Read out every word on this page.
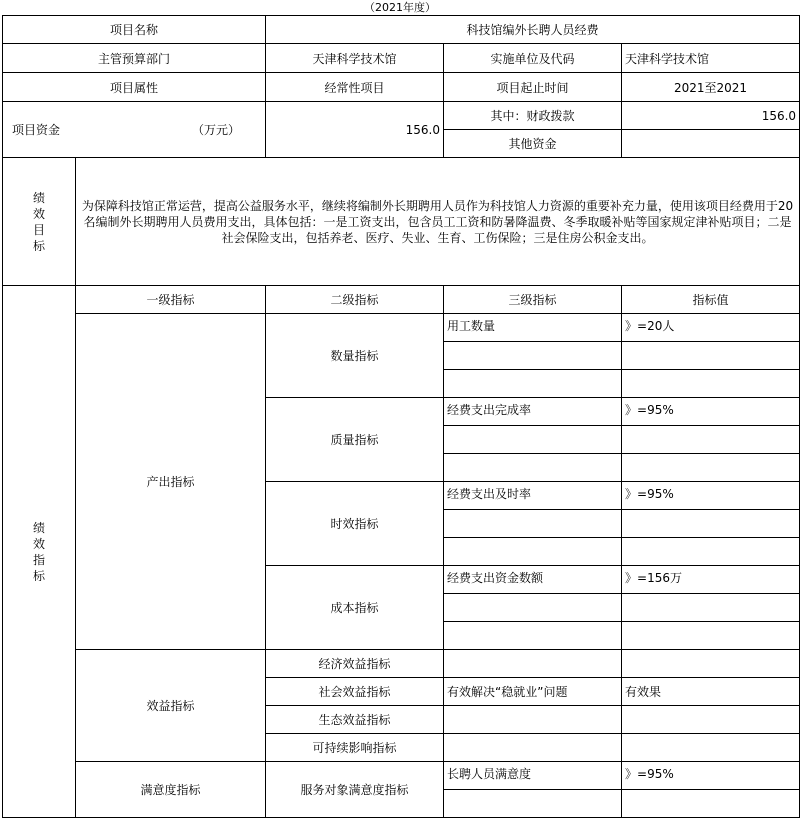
（2021年度）
项目名称		科技馆编外长聘人员经费		
主管预算部门		天津科学技术馆	实施单位及代码	天津科学技术馆
项目属性		经常性项目	项目起止时间	2021至2021

项目资金 （万元）		156.0	其中：财政拨款	156.0
			其他资金	
绩
效
目
标	为保障科技馆正常运营，提高公益服务水平，继续将编制外长期聘用人员作为科技馆人力资源的重要补充力量，使用该项目经费用于20名编制外长期聘用人员费用支出，具体包括：一是工资支出，包含员工工资和防暑降温费、冬季取暖补贴等国家规定津补贴项目；二是社会保险支出，包括养老、医疗、失业、生育、工伤保险；三是住房公积金支出。			
绩
效
指
标	一级指标	二级指标	三级指标	指标值
	产出指标	数量指标	用工数量	》=20人

		质量指标	经费支出完成率	》=95%

		时效指标	经费支出及时率	》=95%

		成本指标	经费支出资金数额	》=156万

	效益指标	经济效益指标		
		社会效益指标	有效解决“稳就业”问题	有效果
		生态效益指标		
		可持续影响指标		
	满意度指标	服务对象满意度指标	长聘人员满意度	》=95%
